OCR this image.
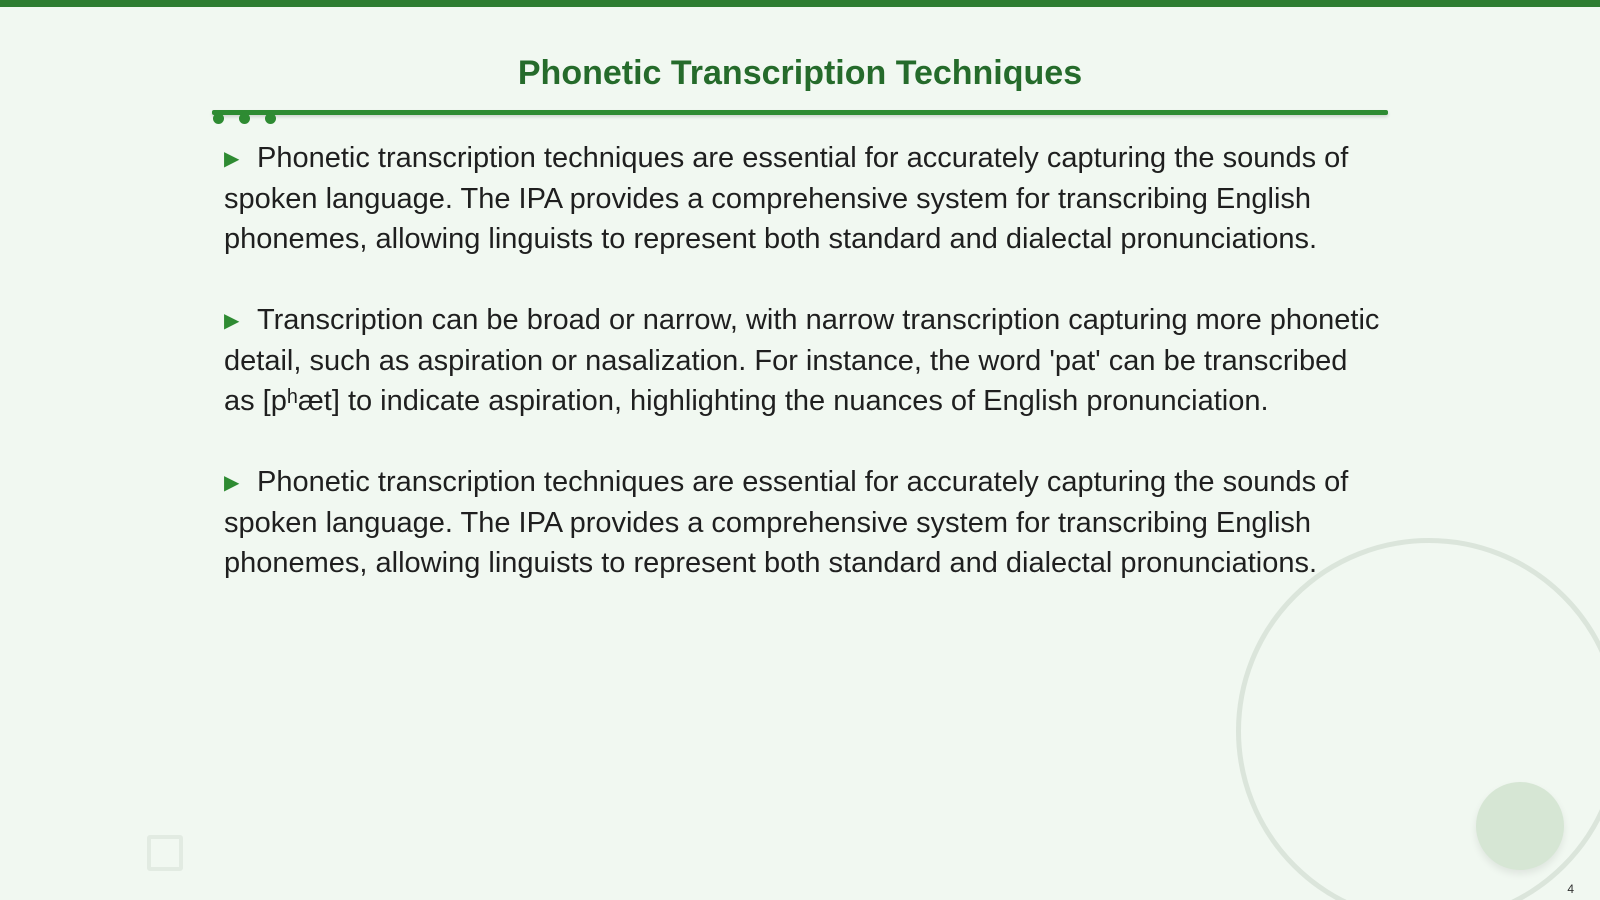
Phonetic Transcription Techniques

▶ Phonetic transcription techniques are essential for accurately capturing the sounds of spoken language. The IPA provides a comprehensive system for transcribing English phonemes, allowing linguists to represent both standard and dialectal pronunciations.

▶ Transcription can be broad or narrow, with narrow transcription capturing more phonetic detail, such as aspiration or nasalization. For instance, the word 'pat' can be transcribed as [pʰæt] to indicate aspiration, highlighting the nuances of English pronunciation.

▶ Phonetic transcription techniques are essential for accurately capturing the sounds of spoken language. The IPA provides a comprehensive system for transcribing English phonemes, allowing linguists to represent both standard and dialectal pronunciations.

4
